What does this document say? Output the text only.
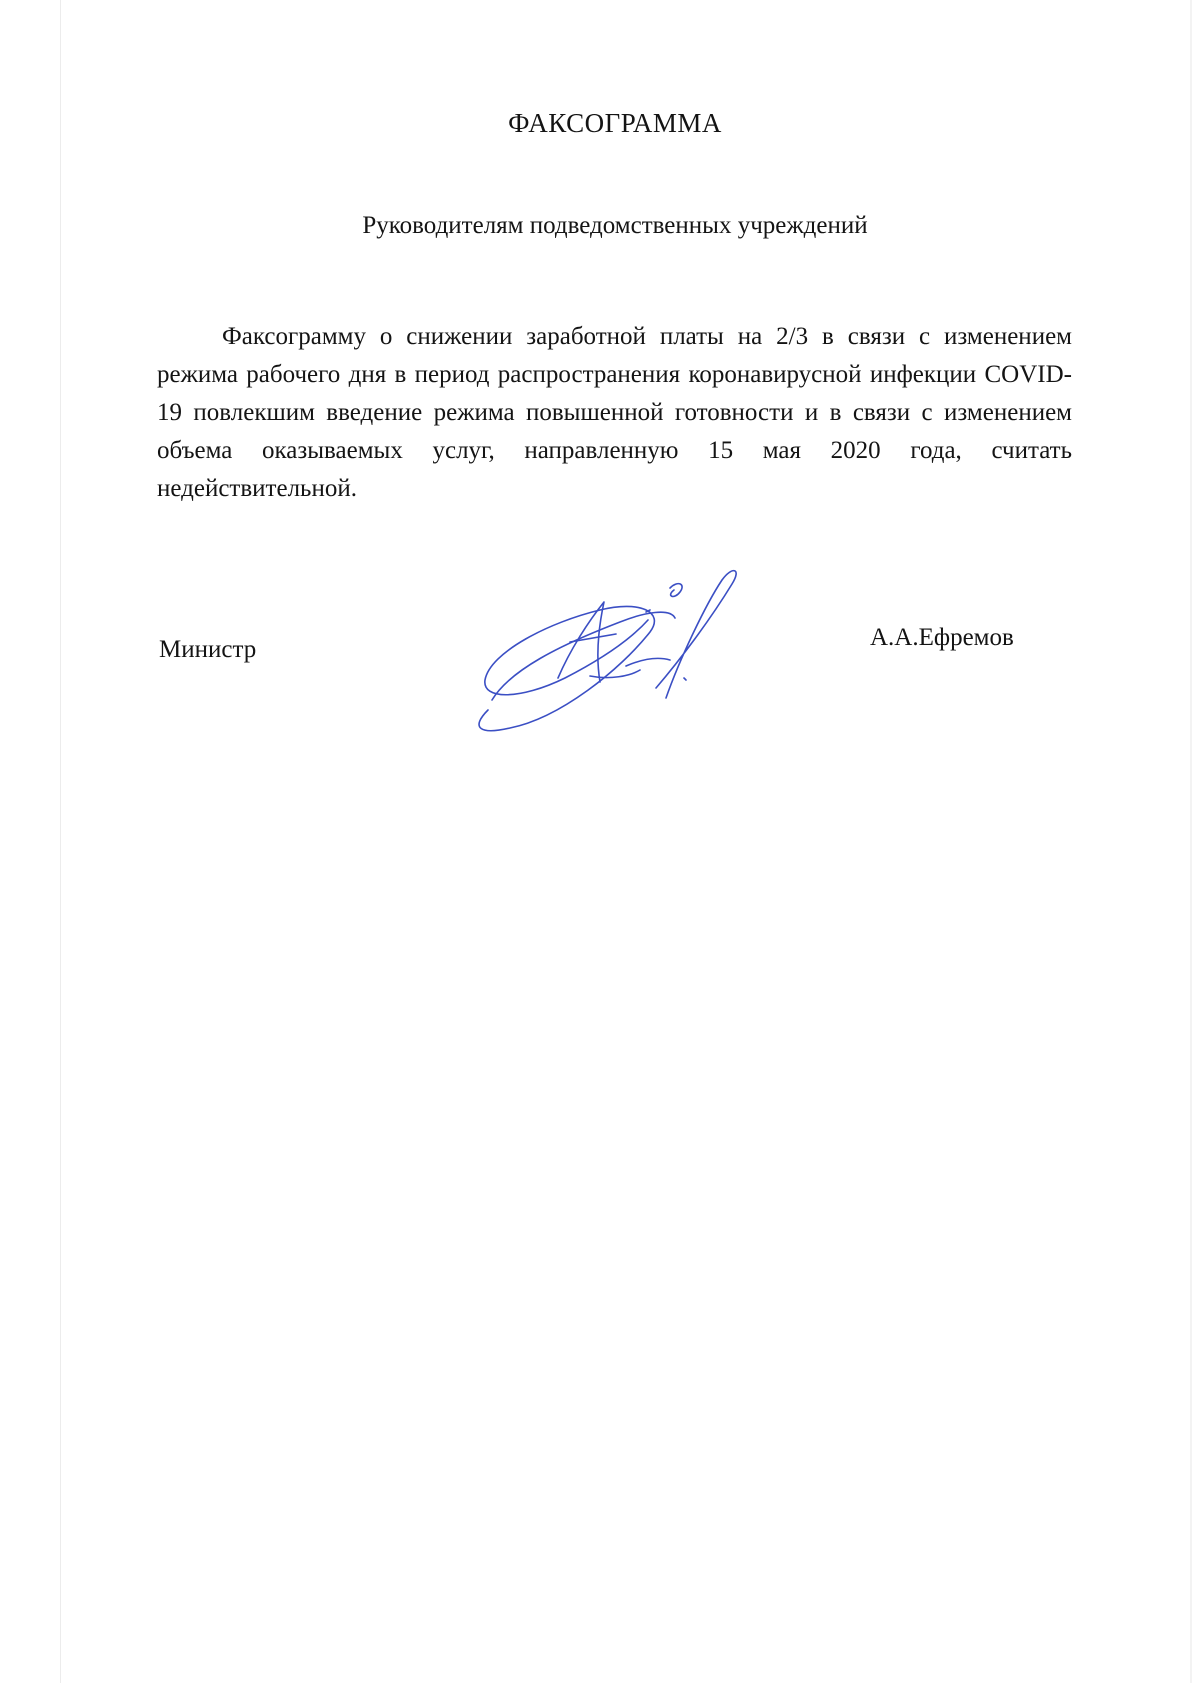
ФАКСОГРАММА

Руководителям подведомственных учреждений

Факсограмму о снижении заработной платы на 2/3 в связи с изменением режима рабочего дня в период распространения коронавирусной инфекции COVID-19 повлекшим введение режима повышенной готовности и в связи с изменением объема оказываемых услуг, направленную 15 мая 2020 года, считать недействительной.

Министр	А.А.Ефремов
